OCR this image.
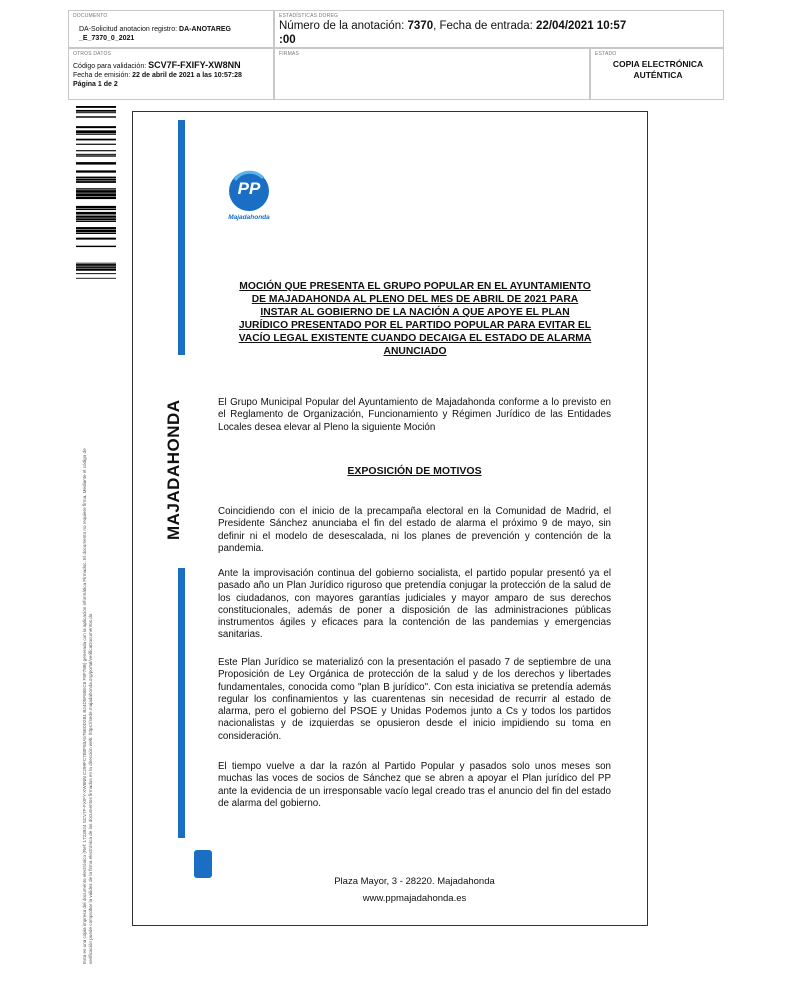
DOCUMENTO
DA-Solicitud anotacion registro: DA-ANOTAREG
_E_7370_0_2021
ESTADÍSTICAS DOREG
Número de la anotación: 7370, Fecha de entrada: 22/04/2021 10:57
:00
OTROS DATOS
Código para validación: SCV7F-FXIFY-XW8NN
Fecha de emisión: 22 de abril de 2021 a las 10:57:28
Página 1 de 2
FIRMAS	ESTADO
COPIA ELECTRÓNICA AUTÉNTICA
Esta es una copia impresa del documento electrónico (Ref: 1723924 SCV7F-FXIFY-XW8NN C299FC7B0F83A578E0D2B1 B24D5F65EC8 F8F78B) generada con la aplicación informática Firmadoc. El documento no requiere firma. Mediante el código de verificación puede comprobar la validez de la firma electrónica de los documentos firmados en la dirección web: https://sede.majadahonda.org/portal/verificaDocumentos.do
MAJADAHONDA
PP
Majadahonda
MOCIÓN QUE PRESENTA EL GRUPO POPULAR EN EL AYUNTAMIENTO
DE MAJADAHONDA AL PLENO DEL MES DE ABRIL DE 2021 PARA
INSTAR AL GOBIERNO DE LA NACIÓN A QUE APOYE EL PLAN
JURÍDICO PRESENTADO POR EL PARTIDO POPULAR PARA EVITAR EL
VACÍO LEGAL EXISTENTE CUANDO DECAIGA EL ESTADO DE ALARMA
ANUNCIADO

El Grupo Municipal Popular del Ayuntamiento de Majadahonda conforme a lo previsto en el Reglamento de Organización, Funcionamiento y Régimen Jurídico de las Entidades Locales desea elevar al Pleno la siguiente Moción

EXPOSICIÓN DE MOTIVOS

Coincidiendo con el inicio de la precampaña electoral en la Comunidad de Madrid, el Presidente Sánchez anunciaba el fin del estado de alarma el próximo 9 de mayo, sin definir ni el modelo de desescalada, ni los planes de prevención y contención de la pandemia.

Ante la improvisación continua del gobierno socialista, el partido popular presentó ya el pasado año un Plan Jurídico riguroso que pretendía conjugar la protección de la salud de los ciudadanos, con mayores garantías judiciales y mayor amparo de sus derechos constitucionales, además de poner a disposición de las administraciones públicas instrumentos ágiles y eficaces para la contención de las pandemias y emergencias sanitarias.

Este Plan Jurídico se materializó con la presentación el pasado 7 de septiembre de una Proposición de Ley Orgánica de protección de la salud y de los derechos y libertades fundamentales, conocida como "plan B jurídico". Con esta iniciativa se pretendía además regular los confinamientos y las cuarentenas sin necesidad de recurrir al estado de alarma, pero el gobierno del PSOE y Unidas Podemos junto a Cs y todos los partidos nacionalistas y de izquierdas se opusieron desde el inicio impidiendo su toma en consideración.

El tiempo vuelve a dar la razón al Partido Popular y pasados solo unos meses son muchas las voces de socios de Sánchez que se abren a apoyar el Plan jurídico del PP ante la evidencia de un irresponsable vacío legal creado tras el anuncio del fin del estado de alarma del gobierno.

Plaza Mayor, 3 - 28220. Majadahonda
www.ppmajadahonda.es
